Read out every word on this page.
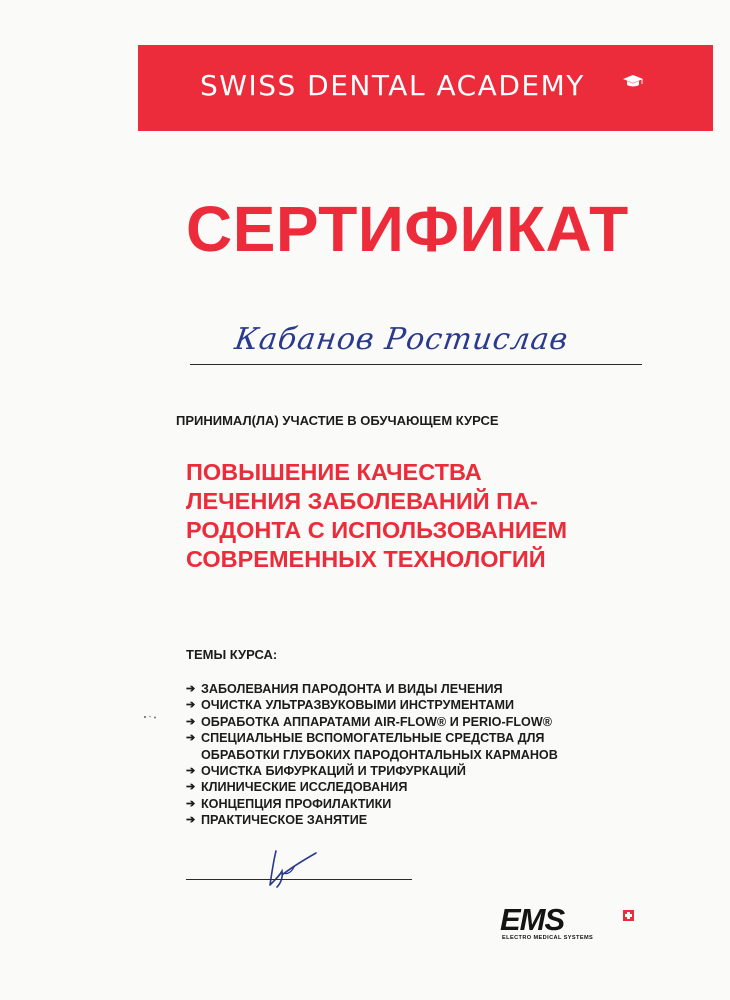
SWISS DENTAL ACADEMY
СЕРТИФИКАТ
Кабанов Ростислав
ПРИНИМАЛ(ЛА) УЧАСТИЕ В ОБУЧАЮЩЕМ КУРСЕ
ПОВЫШЕНИЕ КАЧЕСТВА
ЛЕЧЕНИЯ ЗАБОЛЕВАНИЙ ПА-
РОДОНТА С ИСПОЛЬЗОВАНИЕМ
СОВРЕМЕННЫХ ТЕХНОЛОГИЙ
ТЕМЫ КУРСА:
➔ ЗАБОЛЕВАНИЯ ПАРОДОНТА И ВИДЫ ЛЕЧЕНИЯ
➔ ОЧИСТКА УЛЬТРАЗВУКОВЫМИ ИНСТРУМЕНТАМИ
➔ ОБРАБОТКА АППАРАТАМИ AIR-FLOW® И PERIO-FLOW®
➔ СПЕЦИАЛЬНЫЕ ВСПОМОГАТЕЛЬНЫЕ СРЕДСТВА ДЛЯ ОБРАБОТКИ ГЛУБОКИХ ПАРОДОНТАЛЬНЫХ КАРМАНОВ
➔ ОЧИСТКА БИФУРКАЦИЙ И ТРИФУРКАЦИЙ
➔ КЛИНИЧЕСКИЕ ИССЛЕДОВАНИЯ
➔ КОНЦЕПЦИЯ ПРОФИЛАКТИКИ
➔ ПРАКТИЧЕСКОЕ ЗАНЯТИЕ
EMS
ELECTRO MEDICAL SYSTEMS
